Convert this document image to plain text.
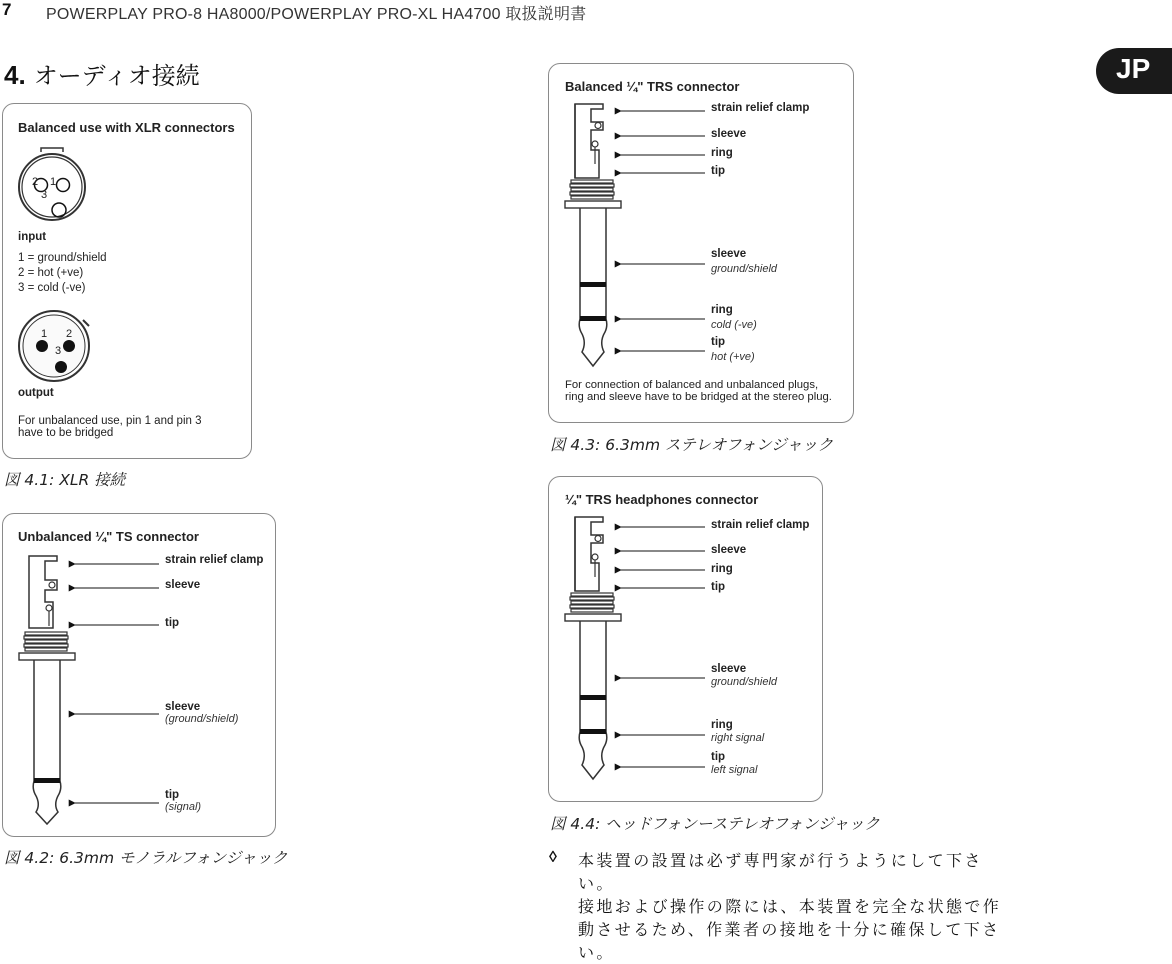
7 POWERPLAY PRO-8 HA8000/POWERPLAY PRO-XL HA4700 取扱説明書
JP
4. オーディオ接続
Balanced use with XLR connectors
2 1
3
input
1 = ground/shield
2 = hot (+ve)
3 = cold (-ve)
1 2
3
output
For unbalanced use, pin 1 and pin 3
have to be bridged
図 4.1: XLR 接続
Unbalanced ¼" TS connector
strain relief clamp
sleeve
tip
sleeve
(ground/shield)
tip
(signal)
図 4.2: 6.3mm モノラルフォンジャック
Balanced ¼" TRS connector
strain relief clamp
sleeve
ring
tip
sleeve
ground/shield
ring
cold (-ve)
tip
hot (+ve)
For connection of balanced and unbalanced plugs,
ring and sleeve have to be bridged at the stereo plug.
図 4.3: 6.3mm ステレオフォンジャック
¼" TRS headphones connector
strain relief clamp
sleeve
ring
tip
sleeve
ground/shield
ring
right signal
tip
left signal
図 4.4: ヘッドフォンーステレオフォンジャック
◊ 本装置の設置は必ず専門家が行うようにして下さい。
接地および操作の際には、本装置を完全な状態で作
動させるため、作業者の接地を十分に確保して下さ
い。
